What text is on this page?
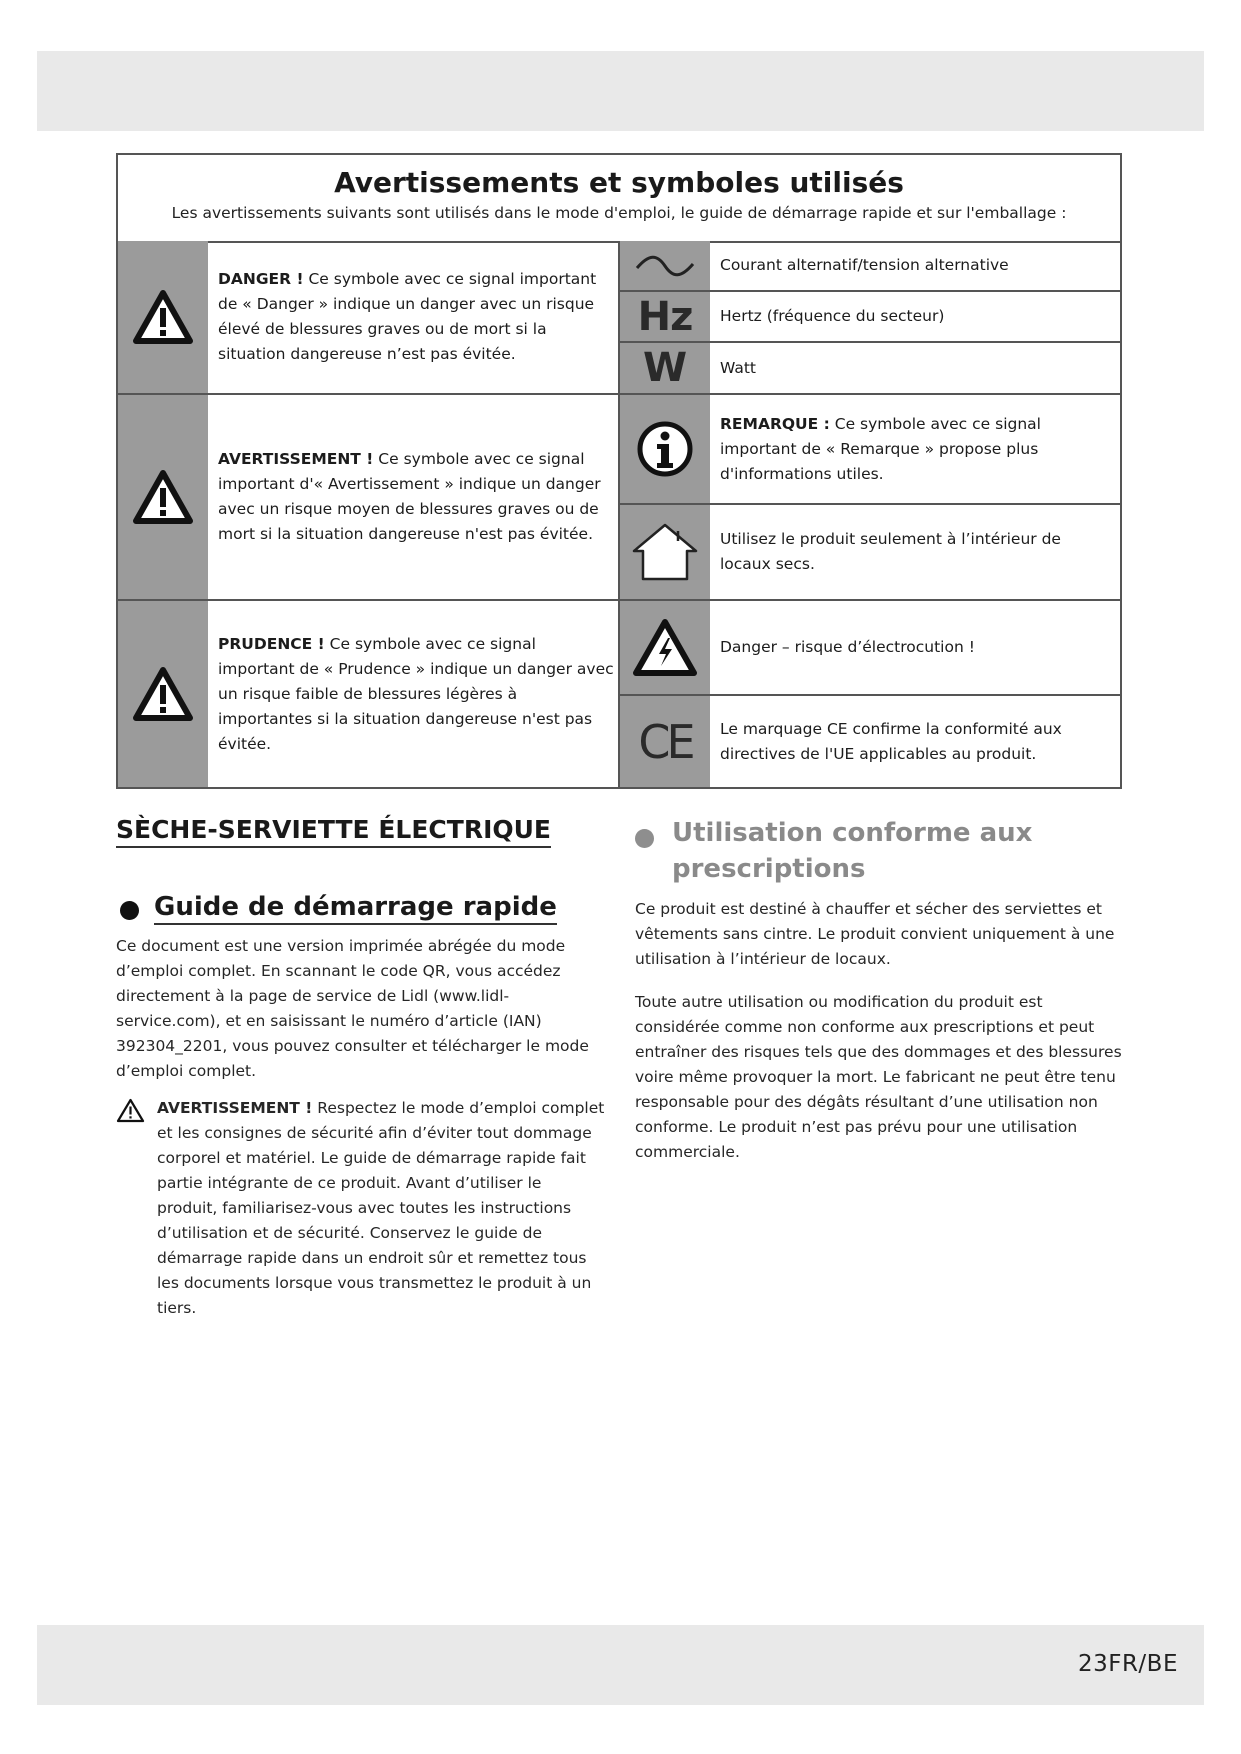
Avertissements et symboles utilisés
Les avertissements suivants sont utilisés dans le mode d'emploi, le guide de démarrage rapide et sur l'emballage :
DANGER ! Ce symbole avec ce signal important de « Danger » indique un danger avec un risque élevé de blessures graves ou de mort si la situation dangereuse n’est pas évitée.
AVERTISSEMENT ! Ce symbole avec ce signal important d'« Avertissement » indique un danger avec un risque moyen de blessures graves ou de mort si la situation dangereuse n'est pas évitée.
PRUDENCE ! Ce symbole avec ce signal important de « Prudence » indique un danger avec un risque faible de blessures légères à importantes si la situation dangereuse n'est pas évitée.
Courant alternatif/tension alternative
Hz Hertz (fréquence du secteur)
W Watt
REMARQUE : Ce symbole avec ce signal important de « Remarque » propose plus d'informations utiles.
Utilisez le produit seulement à l’intérieur de locaux secs.
Danger – risque d’électrocution !
CE Le marquage CE confirme la conformité aux directives de l'UE applicables au produit.
SÈCHE-SERVIETTE ÉLECTRIQUE
Guide de démarrage rapide
Ce document est une version imprimée abrégée du mode d’emploi complet. En scannant le code QR, vous accédez directement à la page de service de Lidl (www.lidl-service.com), et en saisissant le numéro d’article (IAN) 392304_2201, vous pouvez consulter et télécharger le mode d’emploi complet.
AVERTISSEMENT ! Respectez le mode d’emploi complet et les consignes de sécurité afin d’éviter tout dommage corporel et matériel. Le guide de démarrage rapide fait partie intégrante de ce produit. Avant d’utiliser le produit, familiarisez-vous avec toutes les instructions d’utilisation et de sécurité. Conservez le guide de démarrage rapide dans un endroit sûr et remettez tous les documents lorsque vous transmettez le produit à un tiers.
Utilisation conforme aux prescriptions
Ce produit est destiné à chauffer et sécher des serviettes et vêtements sans cintre. Le produit convient uniquement à une utilisation à l’intérieur de locaux.
Toute autre utilisation ou modification du produit est considérée comme non conforme aux prescriptions et peut entraîner des risques tels que des dommages et des blessures voire même provoquer la mort. Le fabricant ne peut être tenu responsable pour des dégâts résultant d’une utilisation non conforme. Le produit n’est pas prévu pour une utilisation commerciale.
23FR/BE
